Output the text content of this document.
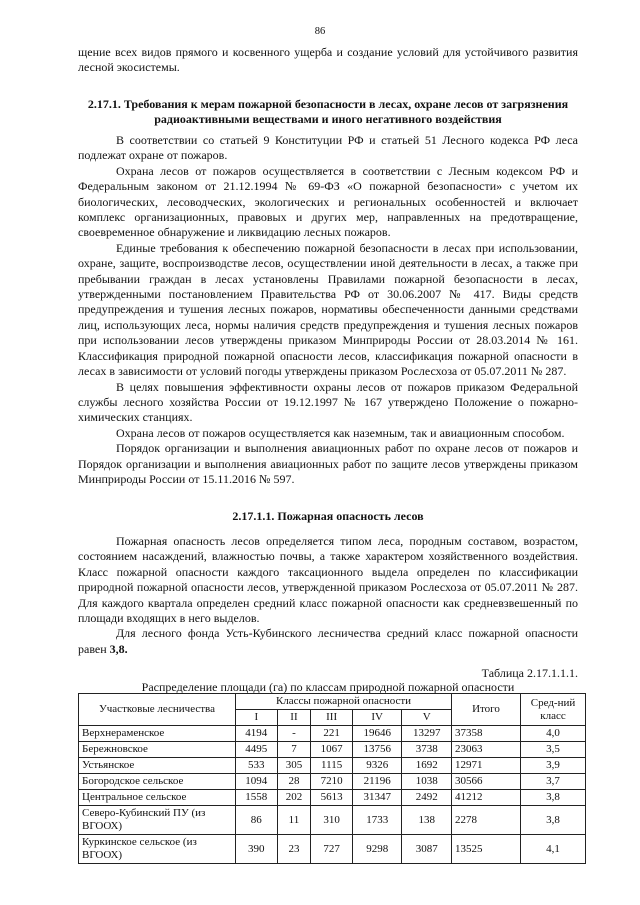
86

щение всех видов прямого и косвенного ущерба и создание условий для устойчивого развития лесной экосистемы.

2.17.1. Требования к мерам пожарной безопасности в лесах, охране лесов от загрязнения радиоактивными веществами и иного негативного воздействия

В соответствии со статьей 9 Конституции РФ и статьей 51 Лесного кодекса РФ леса подлежат охране от пожаров.

Охрана лесов от пожаров осуществляется в соответствии с Лесным кодексом РФ и Федеральным законом от 21.12.1994 № 69-ФЗ «О пожарной безопасности» с учетом их биологических, лесоводческих, экологических и региональных особенностей и включает комплекс организационных, правовых и других мер, направленных на предотвращение, своевременное обнаружение и ликвидацию лесных пожаров.

Единые требования к обеспечению пожарной безопасности в лесах при использовании, охране, защите, воспроизводстве лесов, осуществлении иной деятельности в лесах, а также при пребывании граждан в лесах установлены Правилами пожарной безопасности в лесах, утвержденными постановлением Правительства РФ от 30.06.2007 № 417. Виды средств предупреждения и тушения лесных пожаров, нормативы обеспеченности данными средствами лиц, использующих леса, нормы наличия средств предупреждения и тушения лесных пожаров при использовании лесов утверждены приказом Минприроды России от 28.03.2014 № 161. Классификация природной пожарной опасности лесов, классификация пожарной опасности в лесах в зависимости от условий погоды утверждены приказом Рослесхоза от 05.07.2011 № 287.

В целях повышения эффективности охраны лесов от пожаров приказом Федеральной службы лесного хозяйства России от 19.12.1997 № 167 утверждено Положение о пожарно-химических станциях.

Охрана лесов от пожаров осуществляется как наземным, так и авиационным способом.

Порядок организации и выполнения авиационных работ по охране лесов от пожаров и Порядок организации и выполнения авиационных работ по защите лесов утверждены приказом Минприроды России от 15.11.2016 № 597.

2.17.1.1. Пожарная опасность лесов

Пожарная опасность лесов определяется типом леса, породным составом, возрастом, состоянием насаждений, влажностью почвы, а также характером хозяйственного воздействия. Класс пожарной опасности каждого таксационного выдела определен по классификации природной пожарной опасности лесов, утвержденной приказом Рослесхоза от 05.07.2011 № 287. Для каждого квартала определен средний класс пожарной опасности как средневзвешенный по площади входящих в него выделов.

Для лесного фонда Усть-Кубинского лесничества средний класс пожарной опасности равен 3,8.

Таблица 2.17.1.1.1.
Распределение площади (га) по классам природной пожарной опасности
Участковые лесничества	Классы пожарной опасности					Итого	Сред-ний класс
	I	II	III	IV	V		
Верхнераменское	4194	-	221	19646	13297	37358	4,0
Бережновское	4495	7	1067	13756	3738	23063	3,5
Устьянское	533	305	1115	9326	1692	12971	3,9
Богородское сельское	1094	28	7210	21196	1038	30566	3,7
Центральное сельское	1558	202	5613	31347	2492	41212	3,8
Северо-Кубинский ПУ (из ВГООХ)	86	11	310	1733	138	2278	3,8
Куркинское сельское (из ВГООХ)	390	23	727	9298	3087	13525	4,1
